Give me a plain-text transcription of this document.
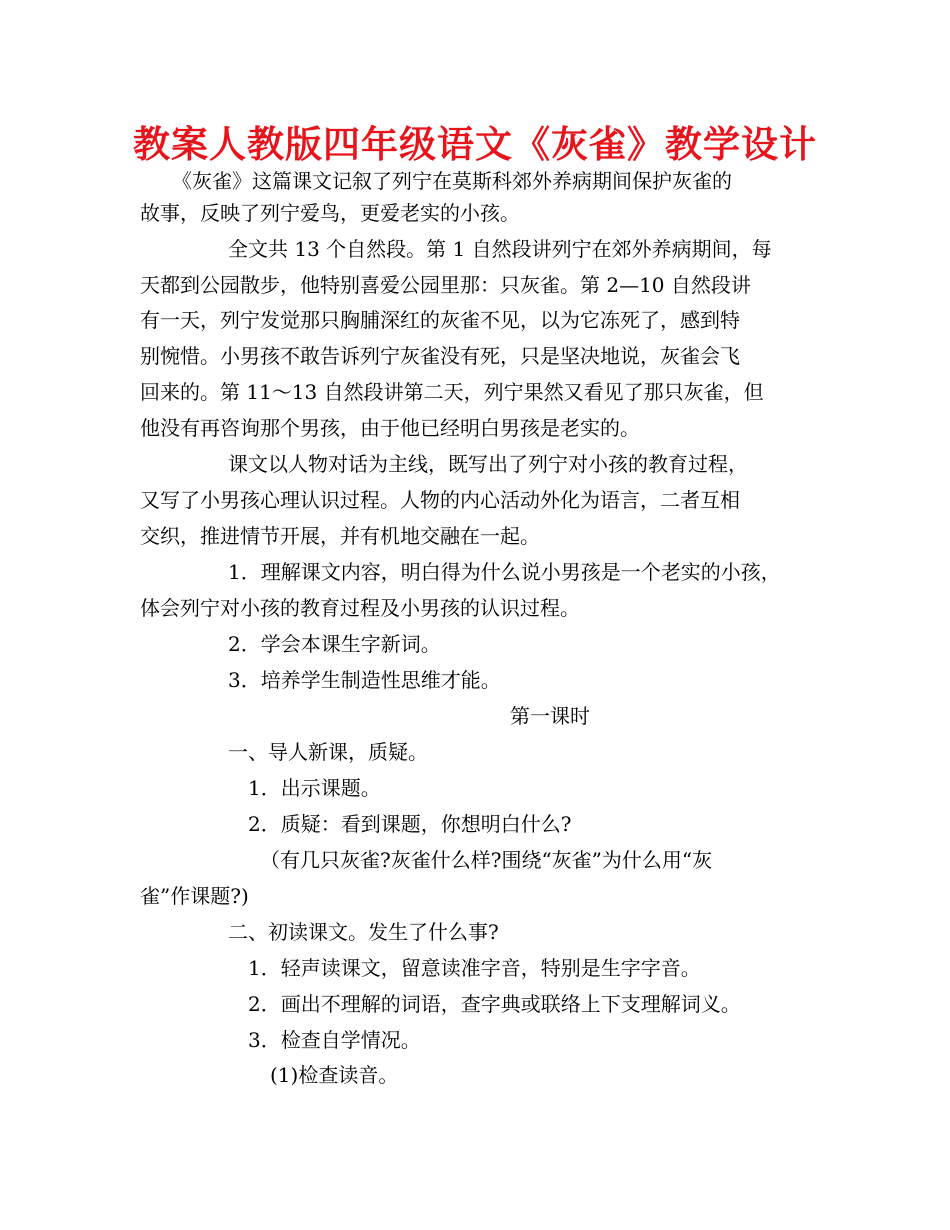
教案人教版四年级语文《灰雀》教学设计
《灰雀》这篇课文记叙了列宁在莫斯科郊外养病期间保护灰雀的
故事，反映了列宁爱鸟，更爱老实的小孩。
全文共 13 个自然段。第 1 自然段讲列宁在郊外养病期间，每
天都到公园散步，他特别喜爱公园里那：只灰雀。第 2—10 自然段讲
有一天，列宁发觉那只胸脯深红的灰雀不见，以为它冻死了，感到特
别惋惜。小男孩不敢告诉列宁灰雀没有死，只是坚决地说，灰雀会飞
回来的。第 11～13 自然段讲第二天，列宁果然又看见了那只灰雀，但
他没有再咨询那个男孩，由于他已经明白男孩是老实的。
课文以人物对话为主线，既写出了列宁对小孩的教育过程，
又写了小男孩心理认识过程。人物的内心活动外化为语言，二者互相
交织，推进情节开展，并有机地交融在一起。
1．理解课文内容，明白得为什么说小男孩是一个老实的小孩，
体会列宁对小孩的教育过程及小男孩的认识过程。
2．学会本课生字新词。
3．培养学生制造性思维才能。
第一课时
一、导人新课，质疑。
1．出示课题。
2．质疑：看到课题，你想明白什么?
（有几只灰雀?灰雀什么样?围绕“灰雀”为什么用“灰
雀”作课题?)
二、初读课文。发生了什么事?
1．轻声读课文，留意读准字音，特别是生字字音。
2．画出不理解的词语，查字典或联络上下支理解词义。
3．检查自学情况。
(1)检查读音。
